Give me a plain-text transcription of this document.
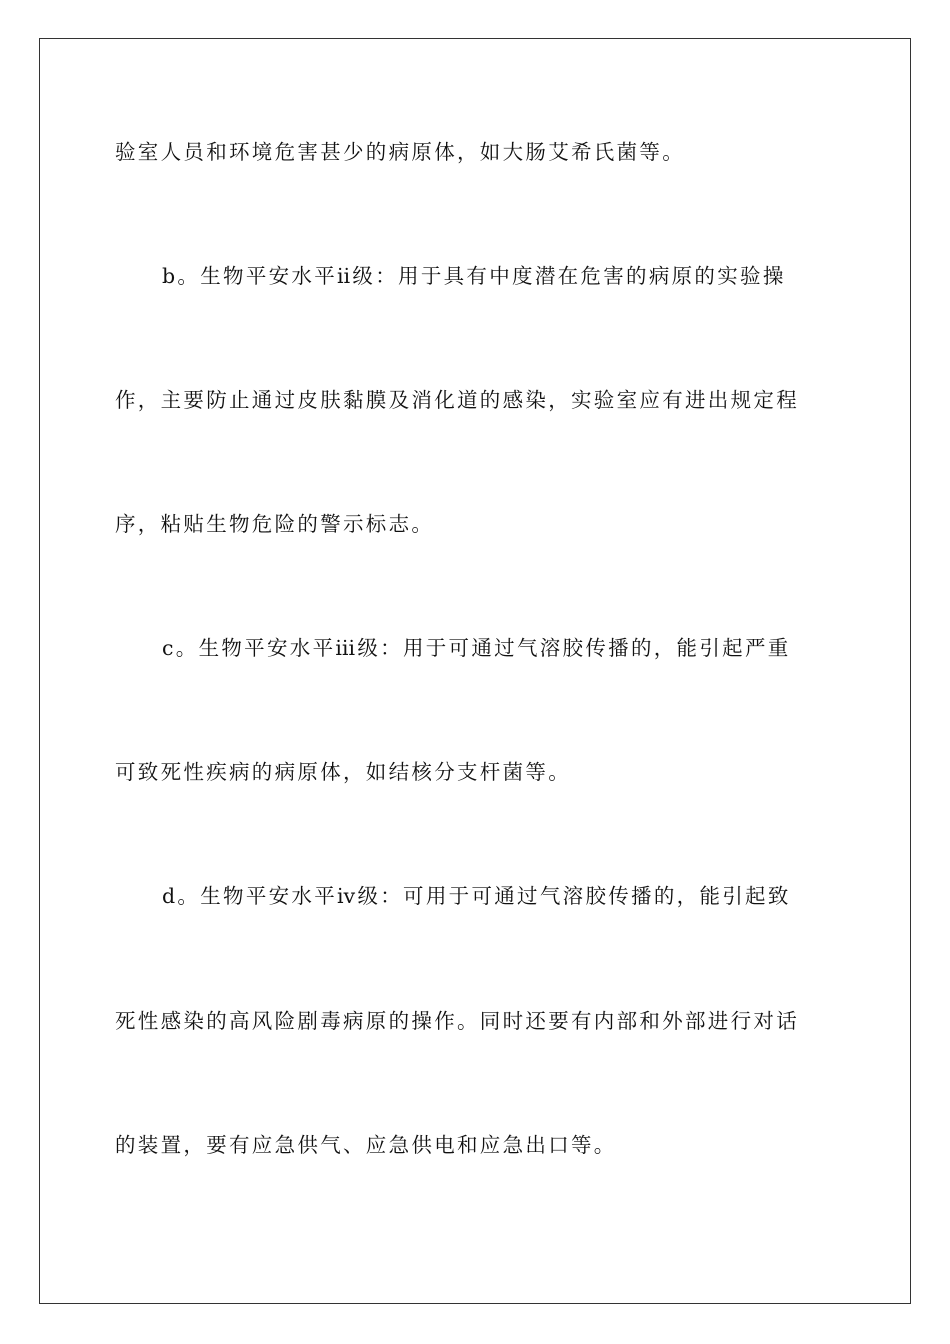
验室人员和环境危害甚少的病原体，如大肠艾希氏菌等。
b。生物平安水平ⅱ级：用于具有中度潜在危害的病原的实验操
作，主要防止通过皮肤黏膜及消化道的感染，实验室应有进出规定程
序，粘贴生物危险的警示标志。
c。生物平安水平ⅲ级：用于可通过气溶胶传播的，能引起严重
可致死性疾病的病原体，如结核分支杆菌等。
d。生物平安水平ⅳ级：可用于可通过气溶胶传播的，能引起致
死性感染的高风险剧毒病原的操作。同时还要有内部和外部进行对话
的装置，要有应急供气、应急供电和应急出口等。
